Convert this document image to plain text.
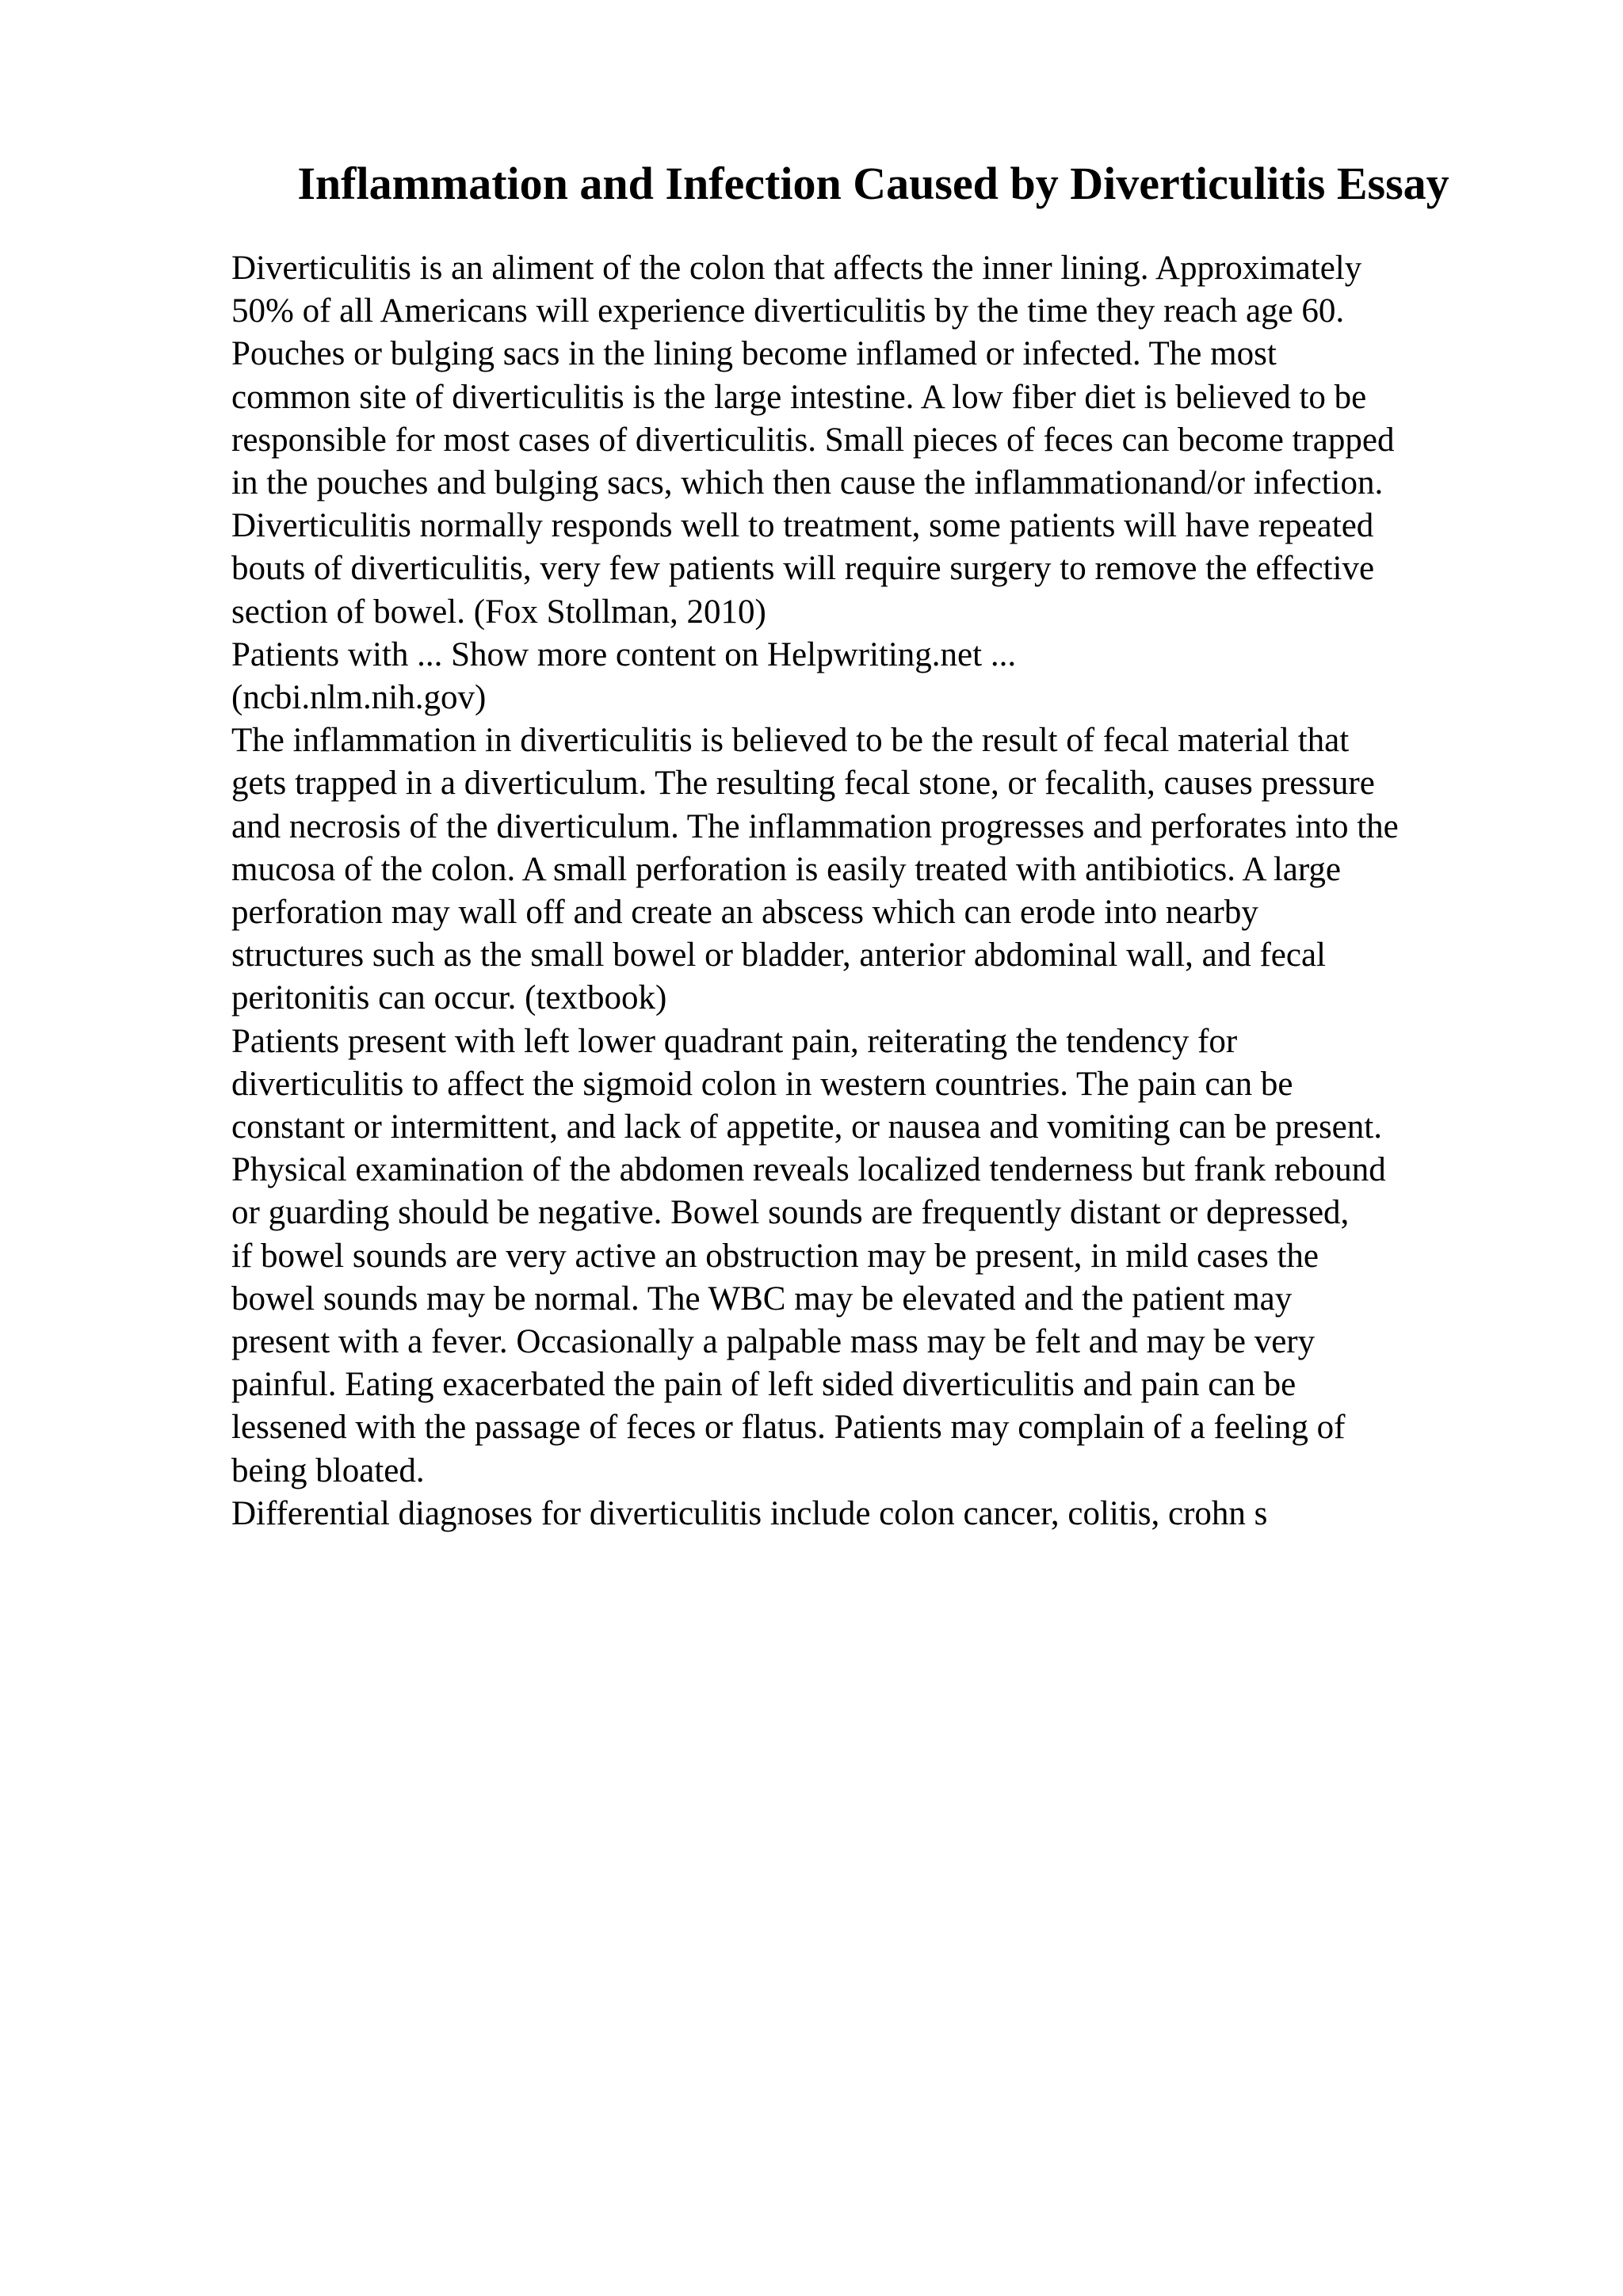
Inflammation and Infection Caused by Diverticulitis Essay
Diverticulitis is an aliment of the colon that affects the inner lining. Approximately
50% of all Americans will experience diverticulitis by the time they reach age 60.
Pouches or bulging sacs in the lining become inflamed or infected. The most
common site of diverticulitis is the large intestine. A low fiber diet is believed to be
responsible for most cases of diverticulitis. Small pieces of feces can become trapped
in the pouches and bulging sacs, which then cause the inflammationand/or infection.
Diverticulitis normally responds well to treatment, some patients will have repeated
bouts of diverticulitis, very few patients will require surgery to remove the effective
section of bowel. (Fox Stollman, 2010)
Patients with ... Show more content on Helpwriting.net ...
(ncbi.nlm.nih.gov)
The inflammation in diverticulitis is believed to be the result of fecal material that
gets trapped in a diverticulum. The resulting fecal stone, or fecalith, causes pressure
and necrosis of the diverticulum. The inflammation progresses and perforates into the
mucosa of the colon. A small perforation is easily treated with antibiotics. A large
perforation may wall off and create an abscess which can erode into nearby
structures such as the small bowel or bladder, anterior abdominal wall, and fecal
peritonitis can occur. (textbook)
Patients present with left lower quadrant pain, reiterating the tendency for
diverticulitis to affect the sigmoid colon in western countries. The pain can be
constant or intermittent, and lack of appetite, or nausea and vomiting can be present.
Physical examination of the abdomen reveals localized tenderness but frank rebound
or guarding should be negative. Bowel sounds are frequently distant or depressed,
if bowel sounds are very active an obstruction may be present, in mild cases the
bowel sounds may be normal. The WBC may be elevated and the patient may
present with a fever. Occasionally a palpable mass may be felt and may be very
painful. Eating exacerbated the pain of left sided diverticulitis and pain can be
lessened with the passage of feces or flatus. Patients may complain of a feeling of
being bloated.
Differential diagnoses for diverticulitis include colon cancer, colitis, crohn s
